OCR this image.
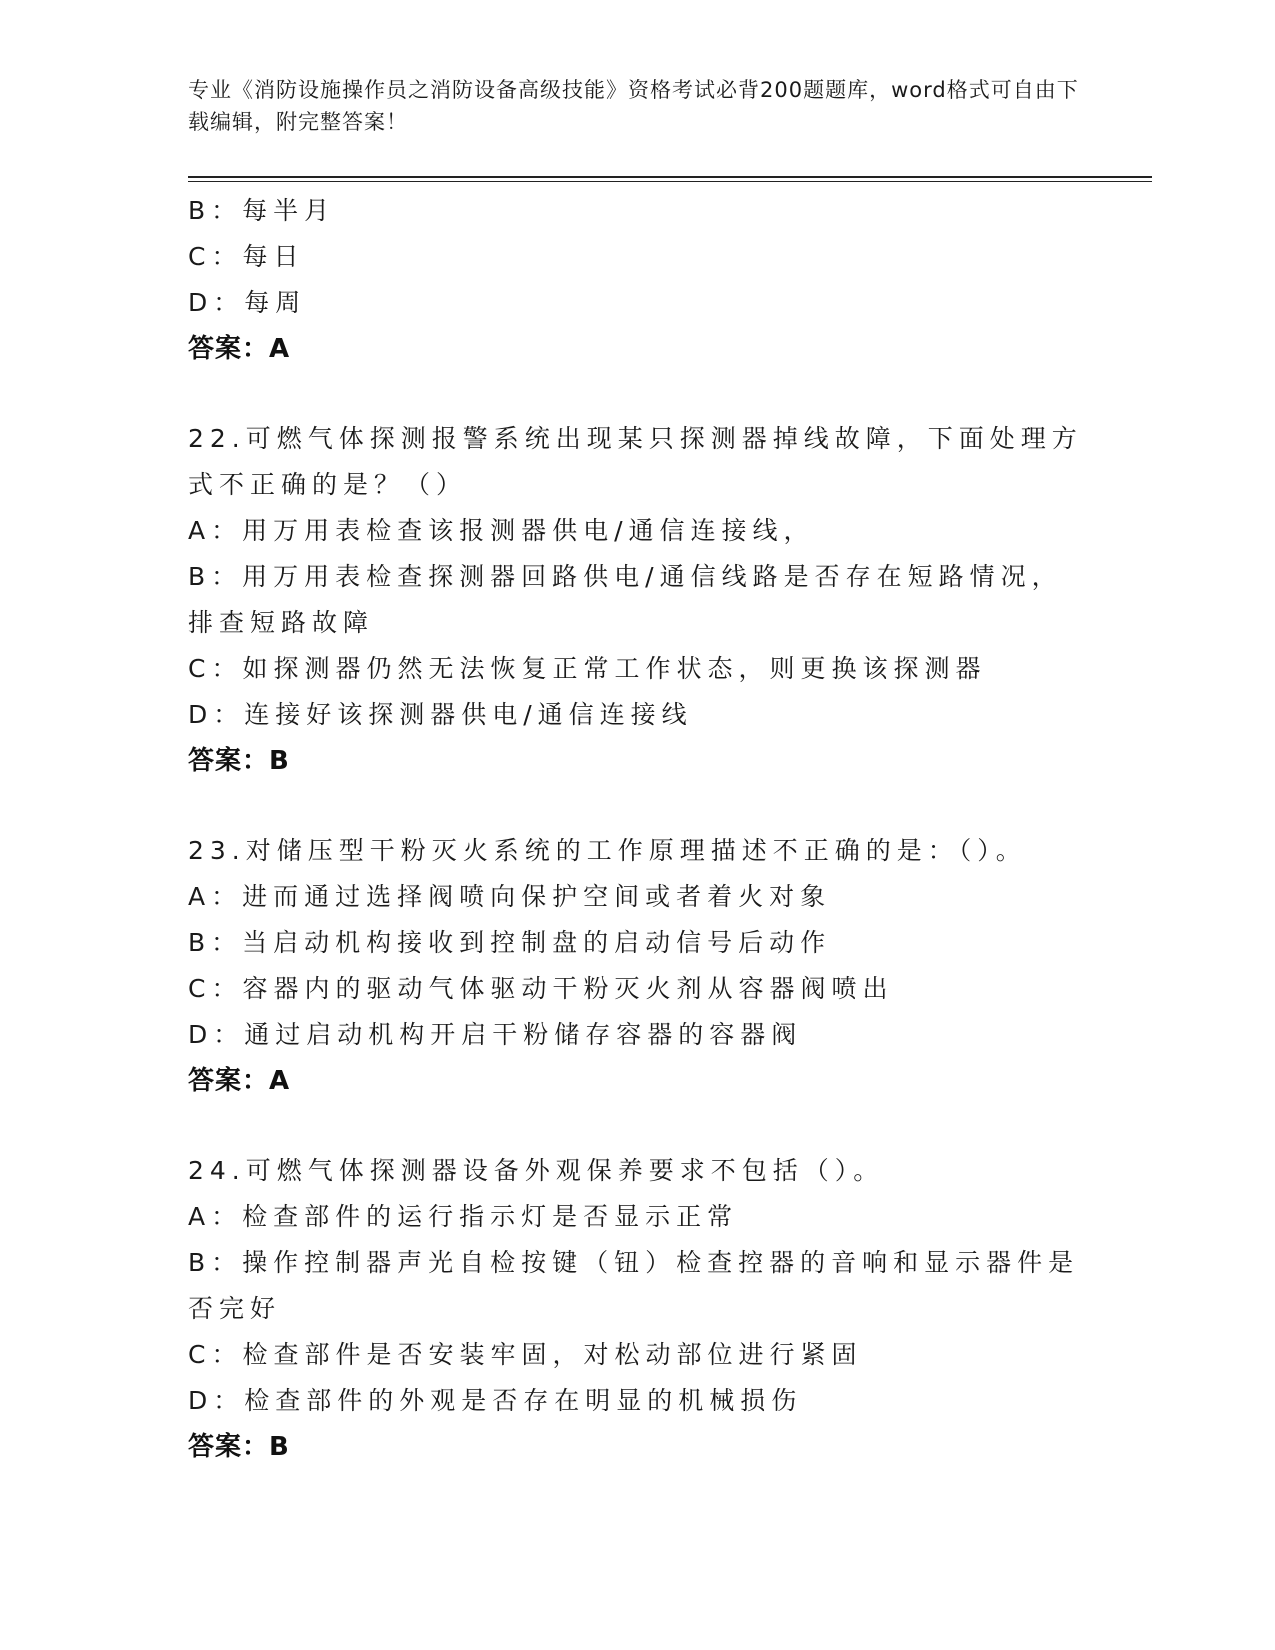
专业《消防设施操作员之消防设备高级技能》资格考试必背200题题库，word格式可自由下载编辑，附完整答案！
B：每半月
C：每日
D：每周
答案：A
22.可燃气体探测报警系统出现某只探测器掉线故障，下面处理方式不正确的是？（）
A：用万用表检查该报测器供电/通信连接线，
B：用万用表检查探测器回路供电/通信线路是否存在短路情况，排查短路故障
C：如探测器仍然无法恢复正常工作状态，则更换该探测器
D：连接好该探测器供电/通信连接线
答案：B
23.对储压型干粉灭火系统的工作原理描述不正确的是：（）。
A：进而通过选择阀喷向保护空间或者着火对象
B：当启动机构接收到控制盘的启动信号后动作
C：容器内的驱动气体驱动干粉灭火剂从容器阀喷出
D：通过启动机构开启干粉储存容器的容器阀
答案：A
24.可燃气体探测器设备外观保养要求不包括（）。
A：检查部件的运行指示灯是否显示正常
B：操作控制器声光自检按键（钮）检查控器的音响和显示器件是否完好
C：检查部件是否安装牢固，对松动部位进行紧固
D：检查部件的外观是否存在明显的机械损伤
答案：B
